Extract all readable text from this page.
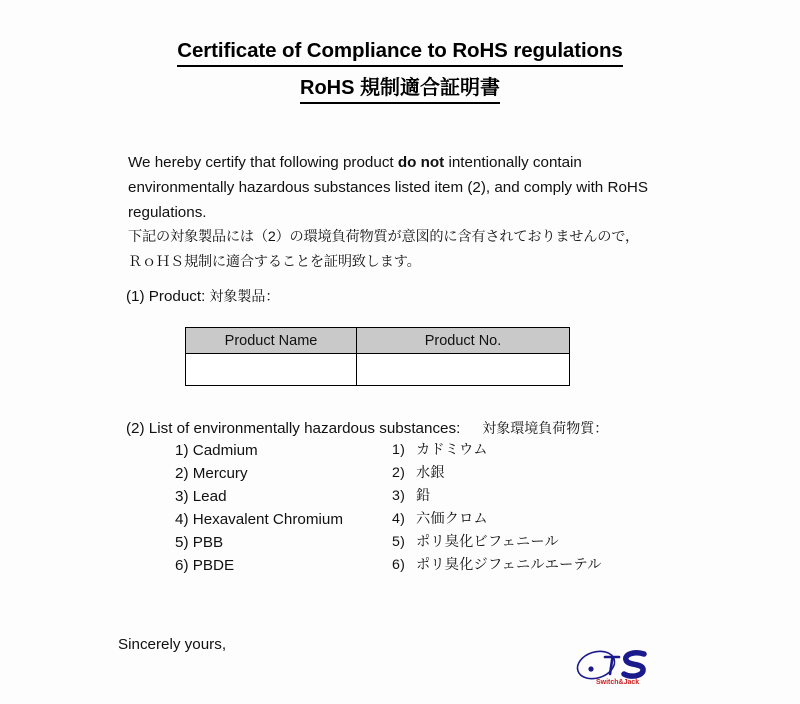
Certificate of Compliance to RoHS regulations
RoHS 規制適合証明書
We hereby certify that following product do not intentionally contain environmentally hazardous substances listed item (2), and comply with RoHS regulations.
下記の対象製品には（2）の環境負荷物質が意図的に含有されておりませんので，
ＲｏＨＳ規制に適合することを証明致します。
(1) Product: 対象製品：
Product Name	Product No.

(2) List of environmentally hazardous substances: 対象環境負荷物質：
1) Cadmium	1) カドミウム
2) Mercury	2) 水銀
3) Lead	3) 鉛
4) Hexavalent Chromium	4) 六価クロム
5) PBB	5) ポリ臭化ビフェニール
6) PBDE	6) ポリ臭化ジフェニルエーテル
Sincerely yours,
Switch&Jack
